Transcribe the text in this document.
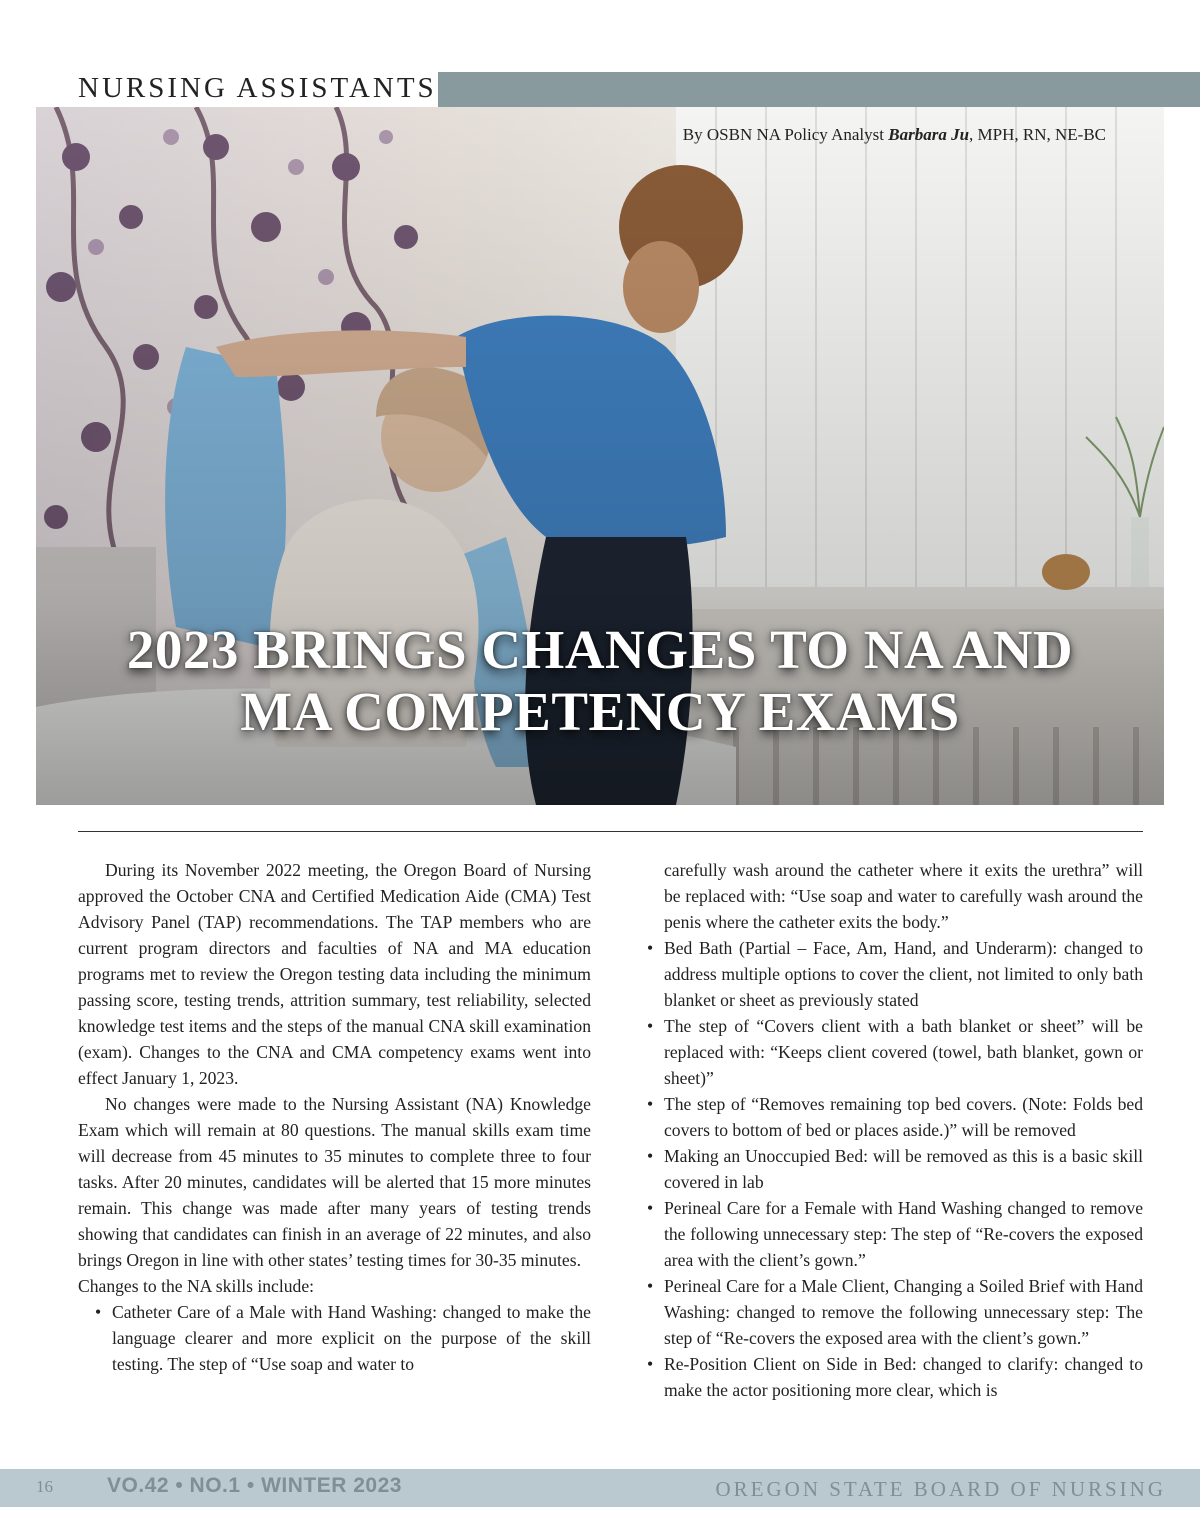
NURSING ASSISTANTS
By OSBN NA Policy Analyst Barbara Ju, MPH, RN, NE-BC
2023 BRINGS CHANGES TO NA AND
MA COMPETENCY EXAMS

During its November 2022 meeting, the Oregon Board of Nursing approved the October CNA and Certified Medication Aide (CMA) Test Advisory Panel (TAP) recommendations. The TAP members who are current program directors and faculties of NA and MA education programs met to review the Oregon testing data including the minimum passing score, testing trends, attrition summary, test reliability, selected knowledge test items and the steps of the manual CNA skill examination (exam). Changes to the CNA and CMA competency exams went into effect January 1, 2023.

No changes were made to the Nursing Assistant (NA) Knowledge Exam which will remain at 80 questions. The manual skills exam time will decrease from 45 minutes to 35 minutes to complete three to four tasks. After 20 minutes, candidates will be alerted that 15 more minutes remain. This change was made after many years of testing trends showing that candidates can finish in an average of 22 minutes, and also brings Oregon in line with other states’ testing times for 30-35 minutes.

Changes to the NA skills include:

• Catheter Care of a Male with Hand Washing: changed to make the language clearer and more explicit on the purpose of the skill testing. The step of “Use soap and water to
carefully wash around the catheter where it exits the urethra” will be replaced with: “Use soap and water to carefully wash around the penis where the catheter exits the body.”
• Bed Bath (Partial – Face, Am, Hand, and Underarm): changed to address multiple options to cover the client, not limited to only bath blanket or sheet as previously stated
• The step of “Covers client with a bath blanket or sheet” will be replaced with: “Keeps client covered (towel, bath blanket, gown or sheet)”
• The step of “Removes remaining top bed covers. (Note: Folds bed covers to bottom of bed or places aside.)” will be removed
• Making an Unoccupied Bed: will be removed as this is a basic skill covered in lab
• Perineal Care for a Female with Hand Washing changed to remove the following unnecessary step: The step of “Re-covers the exposed area with the client’s gown.”
• Perineal Care for a Male Client, Changing a Soiled Brief with Hand Washing: changed to remove the following unnecessary step: The step of “Re-covers the exposed area with the client’s gown.”
• Re-Position Client on Side in Bed: changed to clarify: changed to make the actor positioning more clear, which is
16	VO.42 • NO.1 • WINTER 2023	OREGON STATE BOARD OF NURSING
